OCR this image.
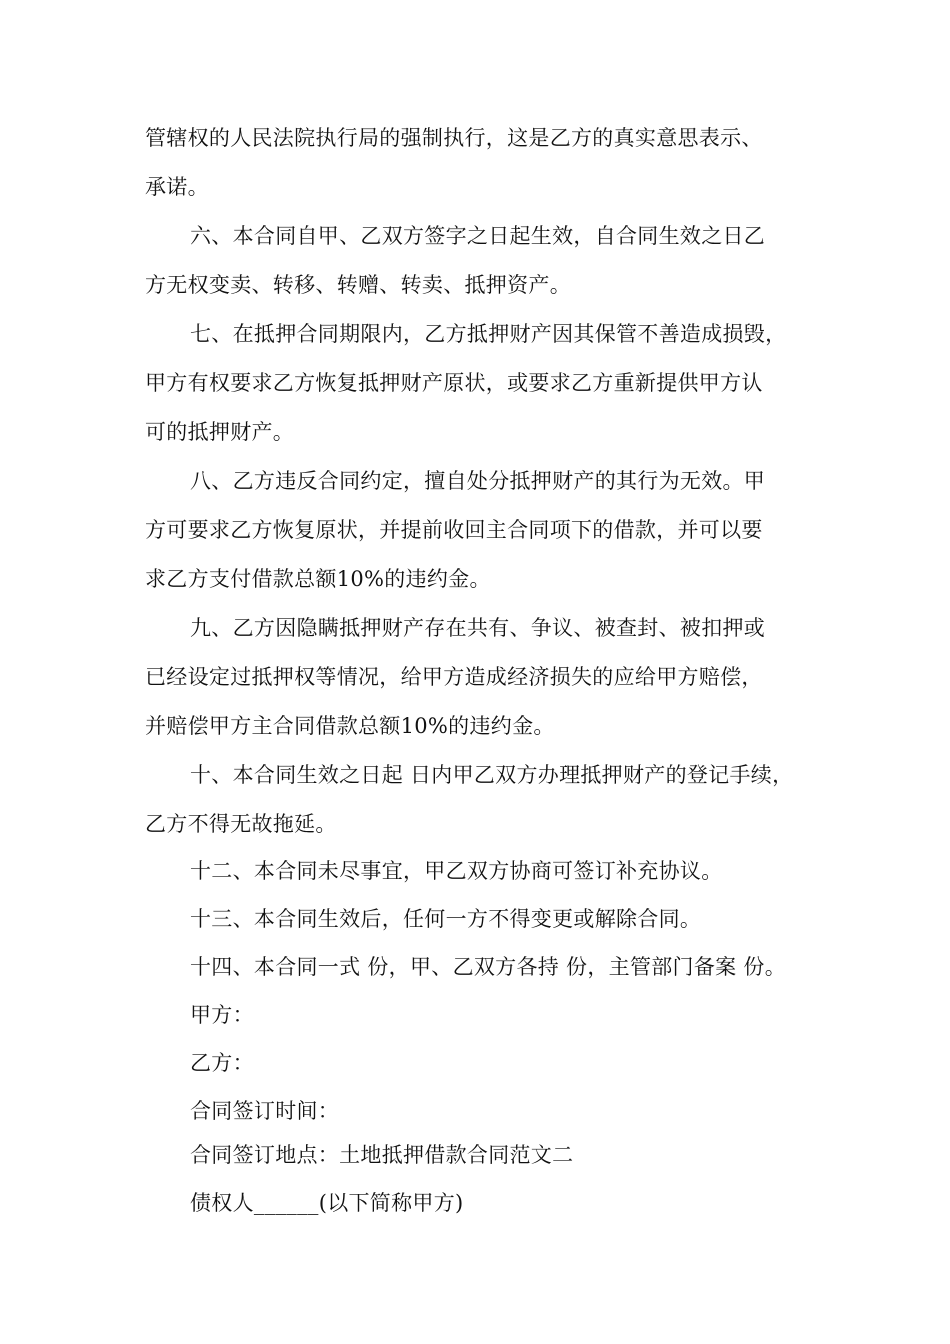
管辖权的人民法院执行局的强制执行，这是乙方的真实意思表示、
承诺。
六、本合同自甲、乙双方签字之日起生效，自合同生效之日乙
方无权变卖、转移、转赠、转卖、抵押资产。
七、在抵押合同期限内，乙方抵押财产因其保管不善造成损毁，
甲方有权要求乙方恢复抵押财产原状，或要求乙方重新提供甲方认
可的抵押财产。
八、乙方违反合同约定，擅自处分抵押财产的其行为无效。甲
方可要求乙方恢复原状，并提前收回主合同项下的借款，并可以要
求乙方支付借款总额10%的违约金。
九、乙方因隐瞒抵押财产存在共有、争议、被查封、被扣押或
已经设定过抵押权等情况，给甲方造成经济损失的应给甲方赔偿，
并赔偿甲方主合同借款总额10%的违约金。
十、本合同生效之日起 日内甲乙双方办理抵押财产的登记手续，
乙方不得无故拖延。
十二、本合同未尽事宜，甲乙双方协商可签订补充协议。
十三、本合同生效后，任何一方不得变更或解除合同。
十四、本合同一式 份，甲、乙双方各持 份，主管部门备案 份。
甲方：
乙方：
合同签订时间：
合同签订地点：土地抵押借款合同范文二
债权人______(以下简称甲方)
